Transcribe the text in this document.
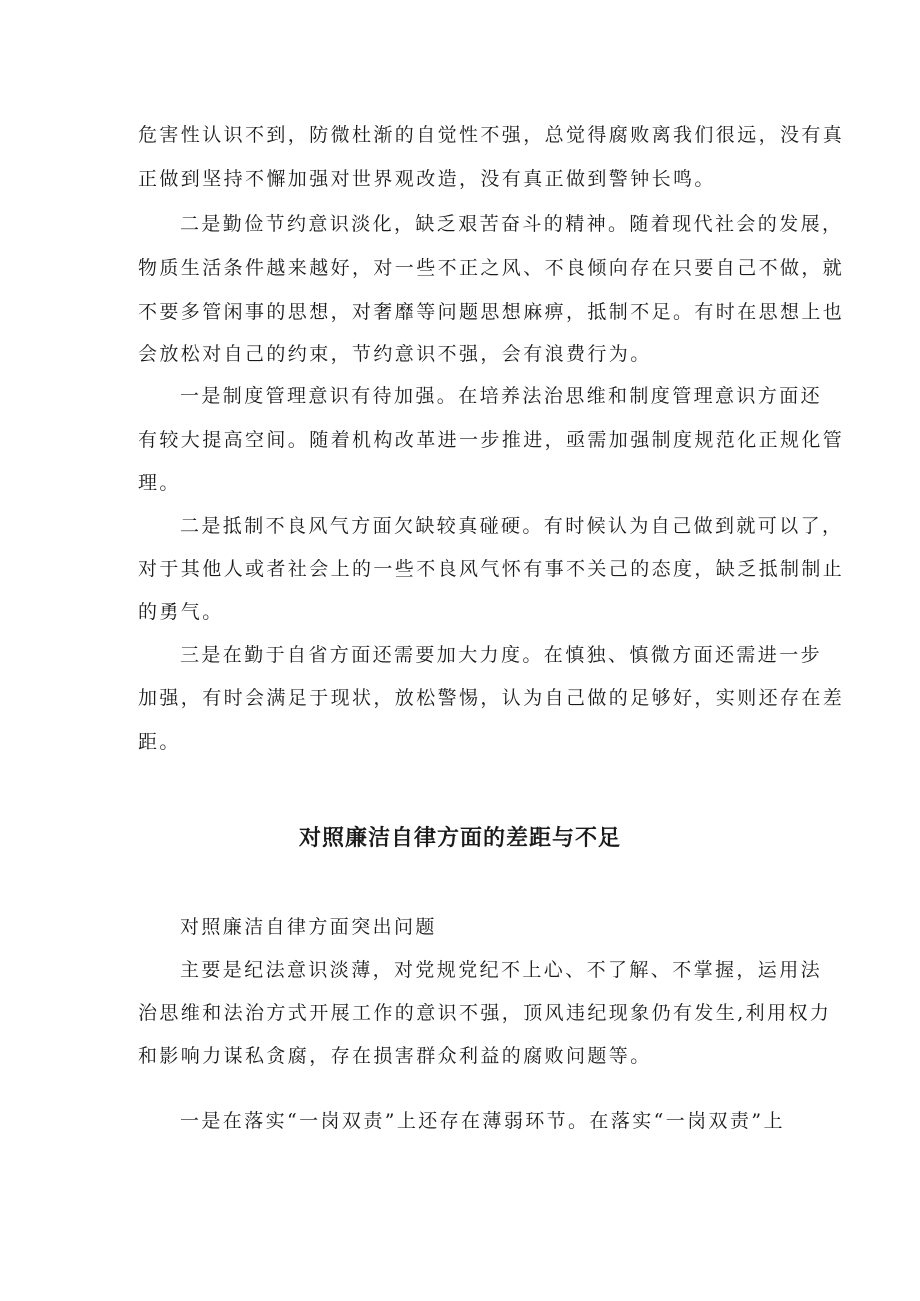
危害性认识不到，防微杜渐的自觉性不强，总觉得腐败离我们很远，没有真
正做到坚持不懈加强对世界观改造，没有真正做到警钟长鸣。
二是勤俭节约意识淡化，缺乏艰苦奋斗的精神。随着现代社会的发展，
物质生活条件越来越好，对一些不正之风、不良倾向存在只要自己不做，就
不要多管闲事的思想，对奢靡等问题思想麻痹，抵制不足。有时在思想上也
会放松对自己的约束，节约意识不强，会有浪费行为。
一是制度管理意识有待加强。在培养法治思维和制度管理意识方面还
有较大提高空间。随着机构改革进一步推进，亟需加强制度规范化正规化管
理。
二是抵制不良风气方面欠缺较真碰硬。有时候认为自己做到就可以了，
对于其他人或者社会上的一些不良风气怀有事不关己的态度，缺乏抵制制止
的勇气。
三是在勤于自省方面还需要加大力度。在慎独、慎微方面还需进一步
加强，有时会满足于现状，放松警惕，认为自己做的足够好，实则还存在差
距。
对照廉洁自律方面的差距与不足
对照廉洁自律方面突出问题
主要是纪法意识淡薄，对党规党纪不上心、不了解、不掌握，运用法
治思维和法治方式开展工作的意识不强，顶风违纪现象仍有发生,利用权力
和影响力谋私贪腐，存在损害群众利益的腐败问题等。
一是在落实“一岗双责”上还存在薄弱环节。在落实“一岗双责”上
